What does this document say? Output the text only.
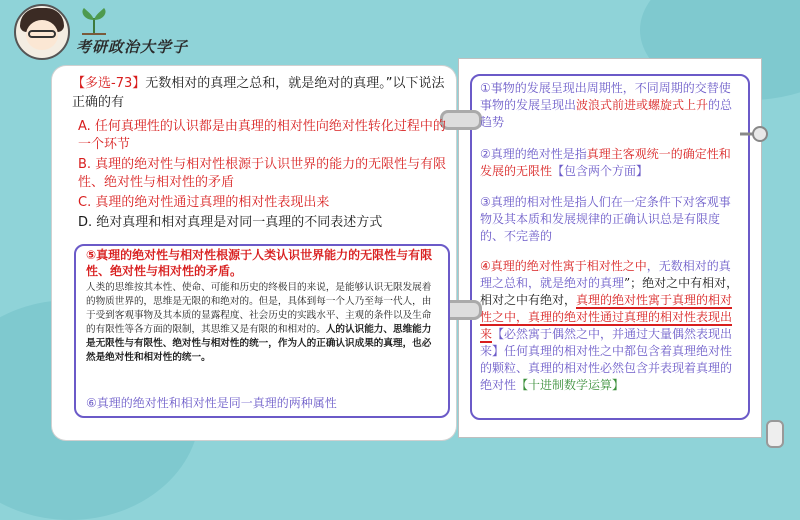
考研政治大学子
【多选-73】无数相对的真理之总和，就是绝对的真理。”以下说法正确的有
A. 任何真理性的认识都是由真理的相对性向绝对性转化过程中的一个环节
B. 真理的绝对性与相对性根源于认识世界的能力的无限性与有限性、绝对性与相对性的矛盾
C. 真理的绝对性通过真理的相对性表现出来
D. 绝对真理和相对真理是对同一真理的不同表述方式
⑤真理的绝对性与相对性根源于人类认识世界能力的无限性与有限性、绝对性与相对性的矛盾。
人类的思维按其本性、使命、可能和历史的终极目的来说，是能够认识无限发展着的物质世界的，思维是无限的和绝对的。但是，具体到每一个人乃至每一代人，由于受到客观事物及其本质的显露程度、社会历史的实践水平、主观的条件以及生命的有限性等各方面的限制，其思维又是有限的和相对的。人的认识能力、思维能力是无限性与有限性、绝对性与相对性的统一，作为人的正确认识成果的真理，也必然是绝对性和相对性的统一。
⑥真理的绝对性和相对性是同一真理的两种属性
①事物的发展呈现出周期性，不同周期的交替使事物的发展呈现出波浪式前进或螺旋式上升的总趋势
②真理的绝对性是指真理主客观统一的确定性和发展的无限性【包含两个方面】
③真理的相对性是指人们在一定条件下对客观事物及其本质和发展规律的正确认识总是有限度的、不完善的
④真理的绝对性寓于相对性之中，无数相对的真理之总和，就是绝对的真理”；绝对之中有相对，相对之中有绝对，真理的绝对性寓于真理的相对性之中，真理的绝对性通过真理的相对性表现出来【必然寓于偶然之中，并通过大量偶然表现出来】任何真理的相对性之中都包含着真理绝对性的颗粒、真理的相对性必然包含并表现着真理的绝对性【十进制数学运算】
